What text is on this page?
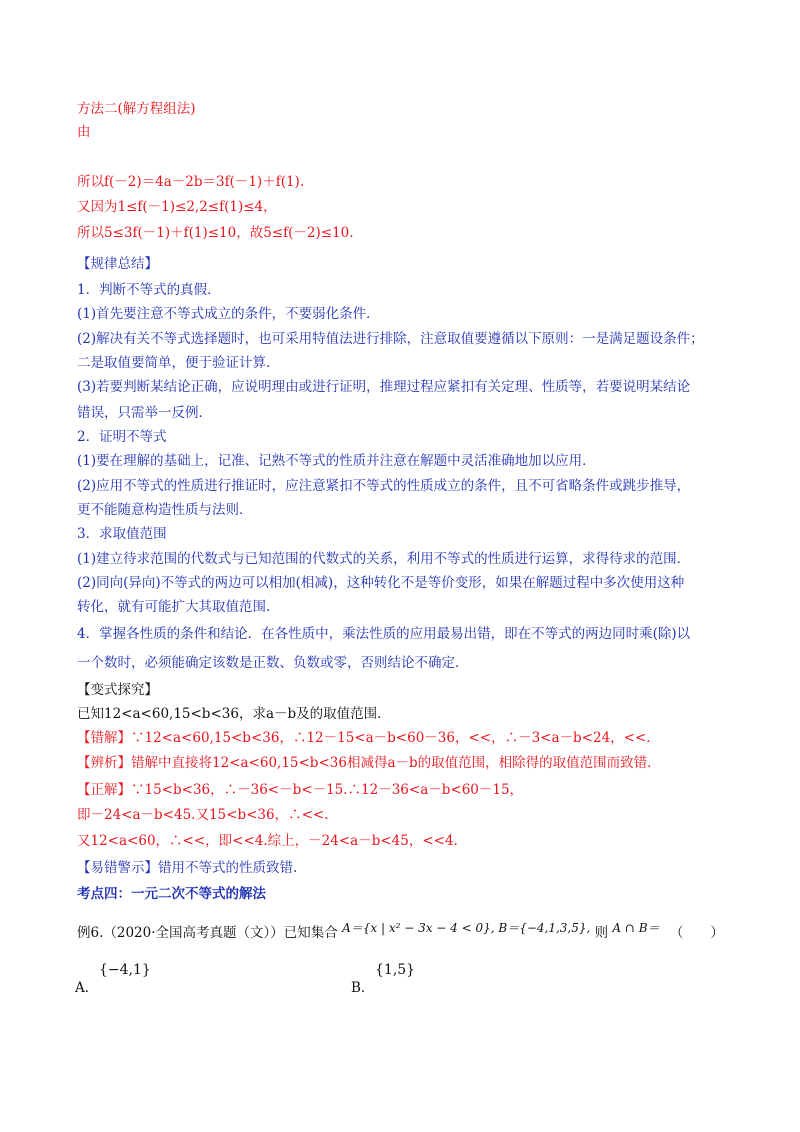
方法二(解方程组法)
由
所以f(－2)＝4a－2b＝3f(－1)＋f(1).
又因为1≤f(－1)≤2,2≤f(1)≤4，
所以5≤3f(－1)＋f(1)≤10，故5≤f(－2)≤10.
【规律总结】
1．判断不等式的真假．
(1)首先要注意不等式成立的条件，不要弱化条件．
(2)解决有关不等式选择题时，也可采用特值法进行排除，注意取值要遵循以下原则：一是满足题设条件；
二是取值要简单，便于验证计算．
(3)若要判断某结论正确，应说明理由或进行证明，推理过程应紧扣有关定理、性质等，若要说明某结论
错误，只需举一反例．
2．证明不等式
(1)要在理解的基础上，记准、记熟不等式的性质并注意在解题中灵活准确地加以应用．
(2)应用不等式的性质进行推证时，应注意紧扣不等式的性质成立的条件，且不可省略条件或跳步推导，
更不能随意构造性质与法则．
3．求取值范围
(1)建立待求范围的代数式与已知范围的代数式的关系，利用不等式的性质进行运算，求得待求的范围．
(2)同向(异向)不等式的两边可以相加(相减)，这种转化不是等价变形，如果在解题过程中多次使用这种
转化，就有可能扩大其取值范围．
4．掌握各性质的条件和结论．在各性质中，乘法性质的应用最易出错，即在不等式的两边同时乘(除)以
一个数时，必须能确定该数是正数、负数或零，否则结论不确定．
【变式探究】
已知12<a<60,15<b<36，求a－b及的取值范围．
【错解】∵12<a<60,15<b<36，∴12－15<a－b<60－36，<<，∴－3<a－b<24，<<.
【辨析】错解中直接将12<a<60,15<b<36相减得a－b的取值范围，相除得的取值范围而致错．
【正解】∵15<b<36，∴－36<－b<－15.∴12－36<a－b<60－15，
即－24<a－b<45.又15<b<36，∴<<.
又12<a<60，∴<<，即<<4.综上，－24<a－b<45，<<4.
【易错警示】错用不等式的性质致错.
考点四：一元二次不等式的解法
例6.（2020·全国高考真题（文））已知集合 A＝{x | x² − 3x − 4 < 0}, B＝{−4,1,3,5}, 则 A ∩ B＝ （　　）
A．
{−4,1}
B．
{1,5}
